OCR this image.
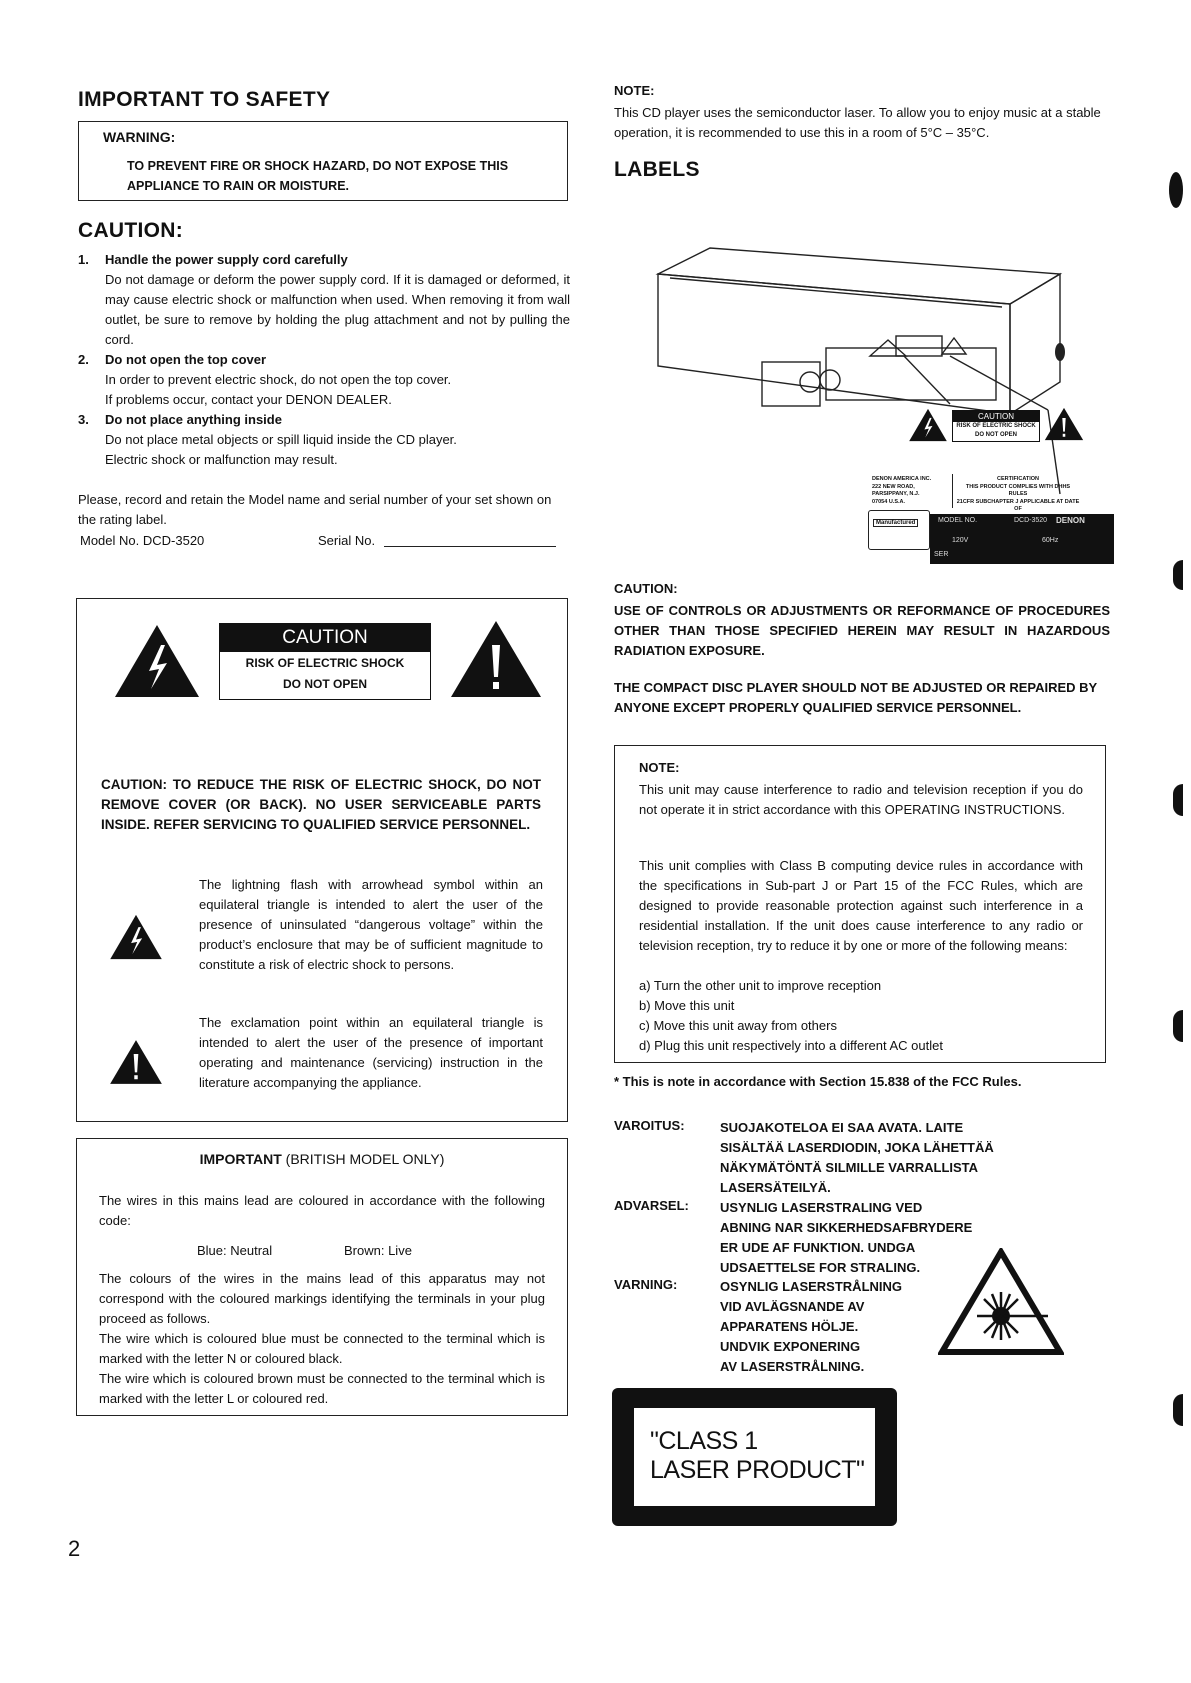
IMPORTANT TO SAFETY
WARNING:
TO PREVENT FIRE OR SHOCK HAZARD, DO NOT EXPOSE THIS
APPLIANCE TO RAIN OR MOISTURE.
CAUTION:
1. Handle the power supply cord carefully
Do not damage or deform the power supply cord. If it is damaged or deformed, it may cause electric shock or malfunction when used. When removing it from wall outlet, be sure to remove by holding the plug attachment and not by pulling the cord.
2. Do not open the top cover
In order to prevent electric shock, do not open the top cover.
If problems occur, contact your DENON DEALER.
3. Do not place anything inside
Do not place metal objects or spill liquid inside the CD player.
Electric shock or malfunction may result.
Please, record and retain the Model name and serial number of your set shown on the rating label.
Model No. DCD-3520	Serial No.
CAUTION
RISK OF ELECTRIC SHOCK
DO NOT OPEN
CAUTION: TO REDUCE THE RISK OF ELECTRIC SHOCK, DO NOT REMOVE COVER (OR BACK). NO USER SERVICEABLE PARTS INSIDE. REFER SERVICING TO QUALIFIED SERVICE PERSONNEL.
The lightning flash with arrowhead symbol within an equilateral triangle is intended to alert the user of the presence of uninsulated “dangerous voltage” within the product’s enclosure that may be of sufficient magnitude to constitute a risk of electric shock to persons.
The exclamation point within an equilateral triangle is intended to alert the user of the presence of important operating and maintenance (servicing) instruction in the literature accompanying the appliance.
IMPORTANT (BRITISH MODEL ONLY)
The wires in this mains lead are coloured in accordance with the following code:
Blue: Neutral	Brown: Live
The colours of the wires in the mains lead of this apparatus may not correspond with the coloured markings identifying the terminals in your plug proceed as follows.
The wire which is coloured blue must be connected to the terminal which is marked with the letter N or coloured black.
The wire which is coloured brown must be connected to the terminal which is marked with the letter L or coloured red.
2
NOTE:
This CD player uses the semiconductor laser. To allow you to enjoy music at a stable operation, it is recommended to use this in a room of 5°C – 35°C.
LABELS
CAUTION
RISK OF ELECTRIC SHOCK
DO NOT OPEN
DENON AMERICA INC.
222 NEW ROAD,
PARSIPPANY, N.J.
07054 U.S.A.
CERTIFICATION
THIS PRODUCT COMPLIES WITH DHHS RULES
21CFR SUBCHAPTER J APPLICABLE AT DATE OF

Manufactured	MODEL NO.	DCD-3520 DENON
120V	60Hz
SER
CAUTION:
USE OF CONTROLS OR ADJUSTMENTS OR REFORMANCE OF PROCEDURES OTHER THAN THOSE SPECIFIED HEREIN MAY RESULT IN HAZARDOUS RADIATION EXPOSURE.
THE COMPACT DISC PLAYER SHOULD NOT BE ADJUSTED OR REPAIRED BY ANYONE EXCEPT PROPERLY QUALIFIED SERVICE PERSONNEL.
NOTE:
This unit may cause interference to radio and television reception if you do not operate it in strict accordance with this OPERATING INSTRUCTIONS.
This unit complies with Class B computing device rules in accordance with the specifications in Sub-part J or Part 15 of the FCC Rules, which are designed to provide reasonable protection against such interference in a residential installation. If the unit does cause interference to any radio or television reception, try to reduce it by one or more of the following means:
a) Turn the other unit to improve reception
b) Move this unit
c) Move this unit away from others
d) Plug this unit respectively into a different AC outlet
* This is note in accordance with Section 15.838 of the FCC Rules.
VAROITUS:	SUOJAKOTELOA EI SAA AVATA. LAITE
SISÄLTÄÄ LASERDIODIN, JOKA LÄHETTÄÄ
NÄKYMÄTÖNTÄ SILMILLE VARRALLISTA
LASERSÄTEILYÄ.
ADVARSEL: USYNLIG LASERSTRALING VED
ABNING NAR SIKKERHEDSAFBRYDERE
ER UDE AF FUNKTION. UNDGA
UDSAETTELSE FOR STRALING.
VARNING:	OSYNLIG LASERSTRÅLNING
VID AVLÄGSNANDE AV
APPARATENS HÖLJE.
UNDVIK EXPONERING
AV LASERSTRÅLNING.
"CLASS 1
LASER PRODUCT"
